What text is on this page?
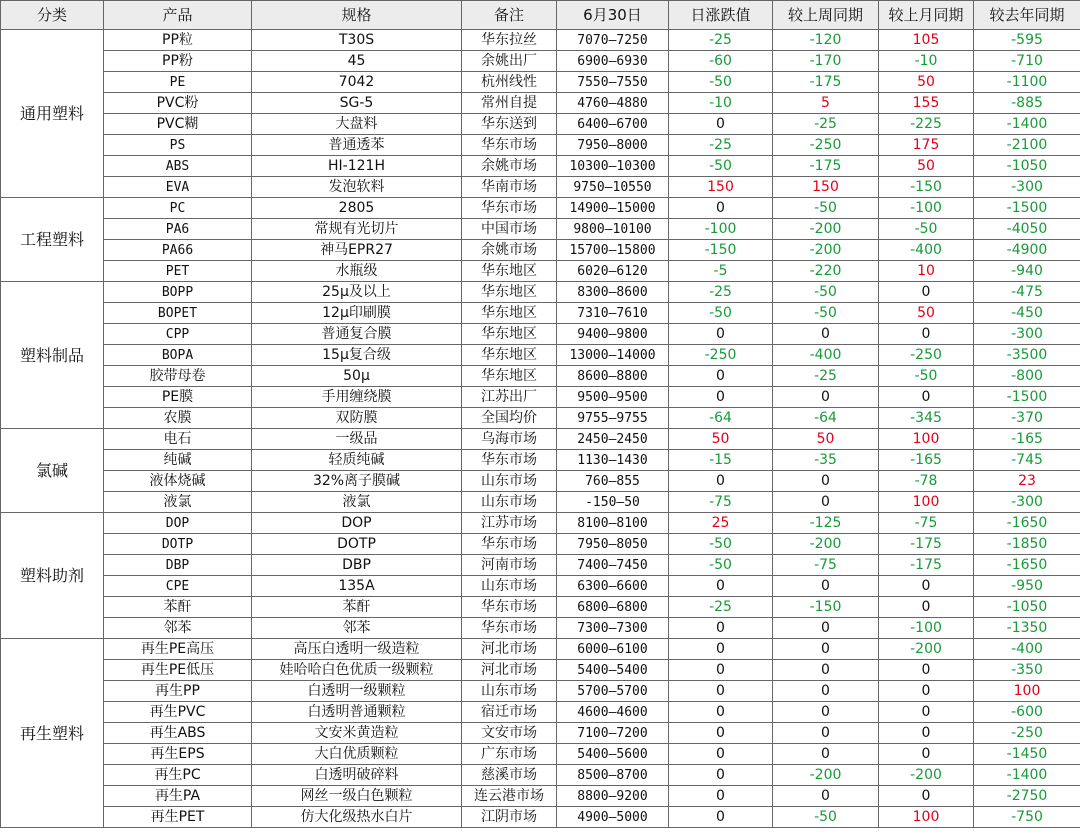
分类	产品	规格	备注	6月30日	日涨跌值	较上周同期	较上月同期	较去年同期
通用塑料	PP粒	T30S	华东拉丝	7070—7250	-25	-120	105	-595
	PP粉	45	余姚出厂	6900—6930	-60	-170	-10	-710
	PE	7042	杭州线性	7550—7550	-50	-175	50	-1100
	PVC粉	SG-5	常州自提	4760—4880	-10	5	155	-885
	PVC糊	大盘料	华东送到	6400—6700	0	-25	-225	-1400
	PS	普通透苯	华东市场	7950—8000	-25	-250	175	-2100
	ABS	HI-121H	余姚市场	10300—10300	-50	-175	50	-1050
	EVA	发泡软料	华南市场	9750—10550	150	150	-150	-300
工程塑料	PC	2805	华东市场	14900—15000	0	-50	-100	-1500
	PA6	常规有光切片	中国市场	9800—10100	-100	-200	-50	-4050
	PA66	神马EPR27	余姚市场	15700—15800	-150	-200	-400	-4900
	PET	水瓶级	华东地区	6020—6120	-5	-220	10	-940
塑料制品	BOPP	25μ及以上	华东地区	8300—8600	-25	-50	0	-475
	BOPET	12μ印刷膜	华东地区	7310—7610	-50	-50	50	-450
	CPP	普通复合膜	华东地区	9400—9800	0	0	0	-300
	BOPA	15μ复合级	华东地区	13000—14000	-250	-400	-250	-3500
	胶带母卷	50μ	华东地区	8600—8800	0	-25	-50	-800
	PE膜	手用缠绕膜	江苏出厂	9500—9500	0	0	0	-1500
	农膜	双防膜	全国均价	9755—9755	-64	-64	-345	-370
氯碱	电石	一级品	乌海市场	2450—2450	50	50	100	-165
	纯碱	轻质纯碱	华东市场	1130—1430	-15	-35	-165	-745
	液体烧碱	32%离子膜碱	山东市场	760—855	0	0	-78	23
	液氯	液氯	山东市场	-150—50	-75	0	100	-300
塑料助剂	DOP	DOP	江苏市场	8100—8100	25	-125	-75	-1650
	DOTP	DOTP	华东市场	7950—8050	-50	-200	-175	-1850
	DBP	DBP	河南市场	7400—7450	-50	-75	-175	-1650
	CPE	135A	山东市场	6300—6600	0	0	0	-950
	苯酐	苯酐	华东市场	6800—6800	-25	-150	0	-1050
	邻苯	邻苯	华东市场	7300—7300	0	0	-100	-1350
再生塑料	再生PE高压	高压白透明一级造粒	河北市场	6000—6100	0	0	-200	-400
	再生PE低压	娃哈哈白色优质一级颗粒	河北市场	5400—5400	0	0	0	-350
	再生PP	白透明一级颗粒	山东市场	5700—5700	0	0	0	100
	再生PVC	白透明普通颗粒	宿迁市场	4600—4600	0	0	0	-600
	再生ABS	文安米黄造粒	文安市场	7100—7200	0	0	0	-250
	再生EPS	大白优质颗粒	广东市场	5400—5600	0	0	0	-1450
	再生PC	白透明破碎料	慈溪市场	8500—8700	0	-200	-200	-1400
	再生PA	网丝一级白色颗粒	连云港市场	8800—9200	0	0	0	-2750
	再生PET	仿大化级热水白片	江阴市场	4900—5000	0	-50	100	-750
